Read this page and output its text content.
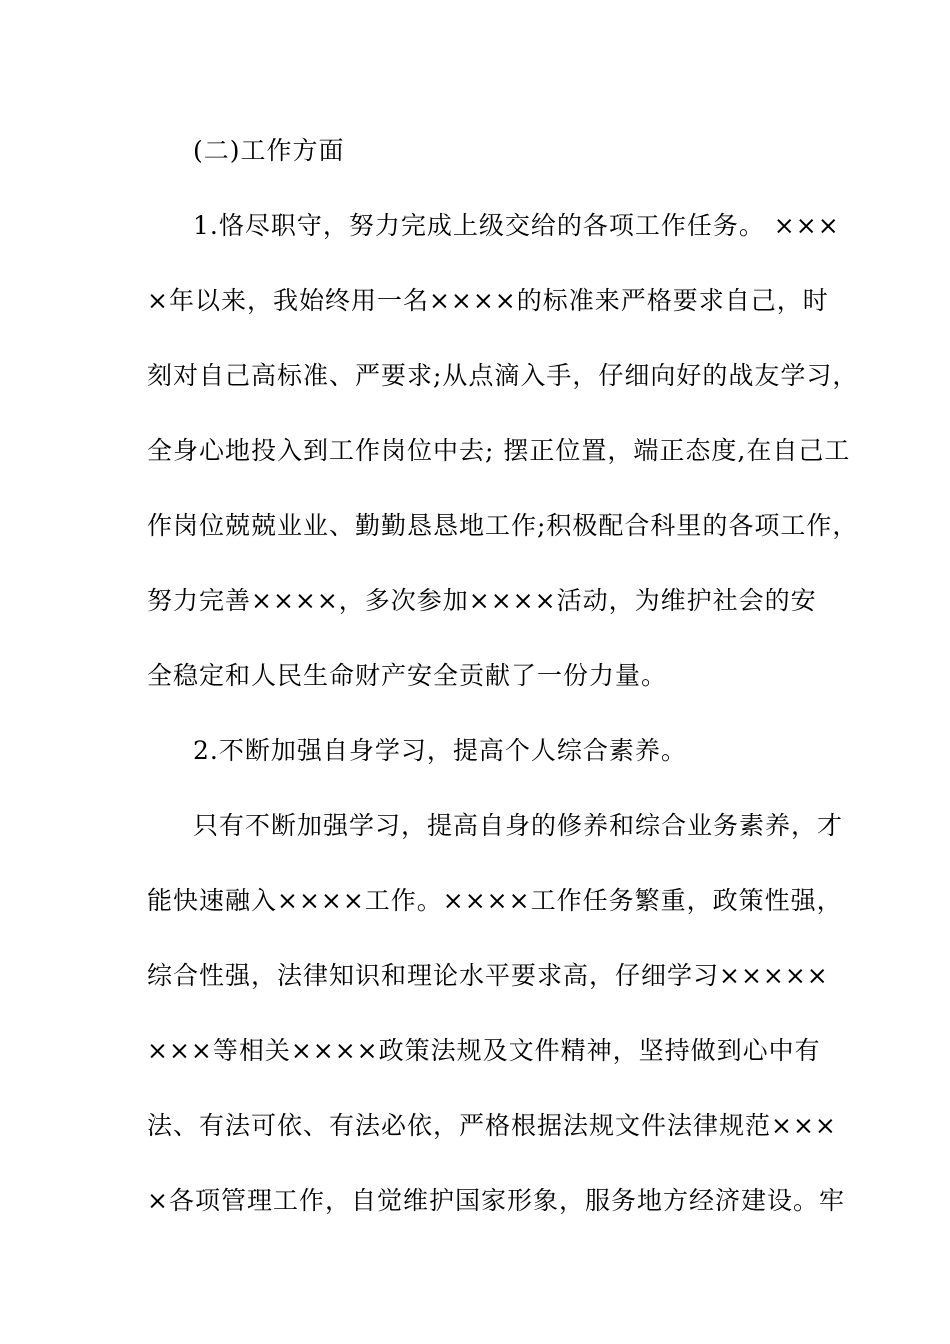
(二)工作方面
1.恪尽职守，努力完成上级交给的各项工作任务。 ×××
×年以来，我始终用一名××××的标准来严格要求自己，时
刻对自己高标准、严要求;从点滴入手，仔细向好的战友学习，
全身心地投入到工作岗位中去; 摆正位置，端正态度,在自己工
作岗位兢兢业业、勤勤恳恳地工作;积极配合科里的各项工作，
努力完善××××，多次参加××××活动，为维护社会的安
全稳定和人民生命财产安全贡献了一份力量。
2.不断加强自身学习，提高个人综合素养。
只有不断加强学习，提高自身的修养和综合业务素养，才
能快速融入××××工作。××××工作任务繁重，政策性强，
综合性强，法律知识和理论水平要求高，仔细学习×××××
×××等相关××××政策法规及文件精神，坚持做到心中有
法、有法可依、有法必依，严格根据法规文件法律规范×××
×各项管理工作，自觉维护国家形象，服务地方经济建设。牢
